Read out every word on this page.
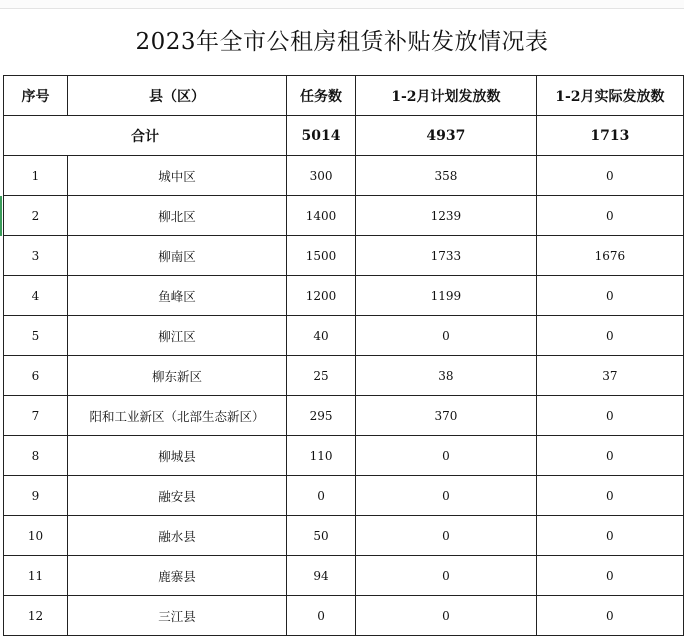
2023年全市公租房租赁补贴发放情况表
序号	县（区）	任务数	1-2月计划发放数	1-2月实际发放数
合计		5014	4937	1713
1	城中区	300	358	0
2	柳北区	1400	1239	0
3	柳南区	1500	1733	1676
4	鱼峰区	1200	1199	0
5	柳江区	40	0	0
6	柳东新区	25	38	37
7	阳和工业新区（北部生态新区）	295	370	0
8	柳城县	110	0	0
9	融安县	0	0	0
10	融水县	50	0	0
11	鹿寨县	94	0	0
12	三江县	0	0	0
